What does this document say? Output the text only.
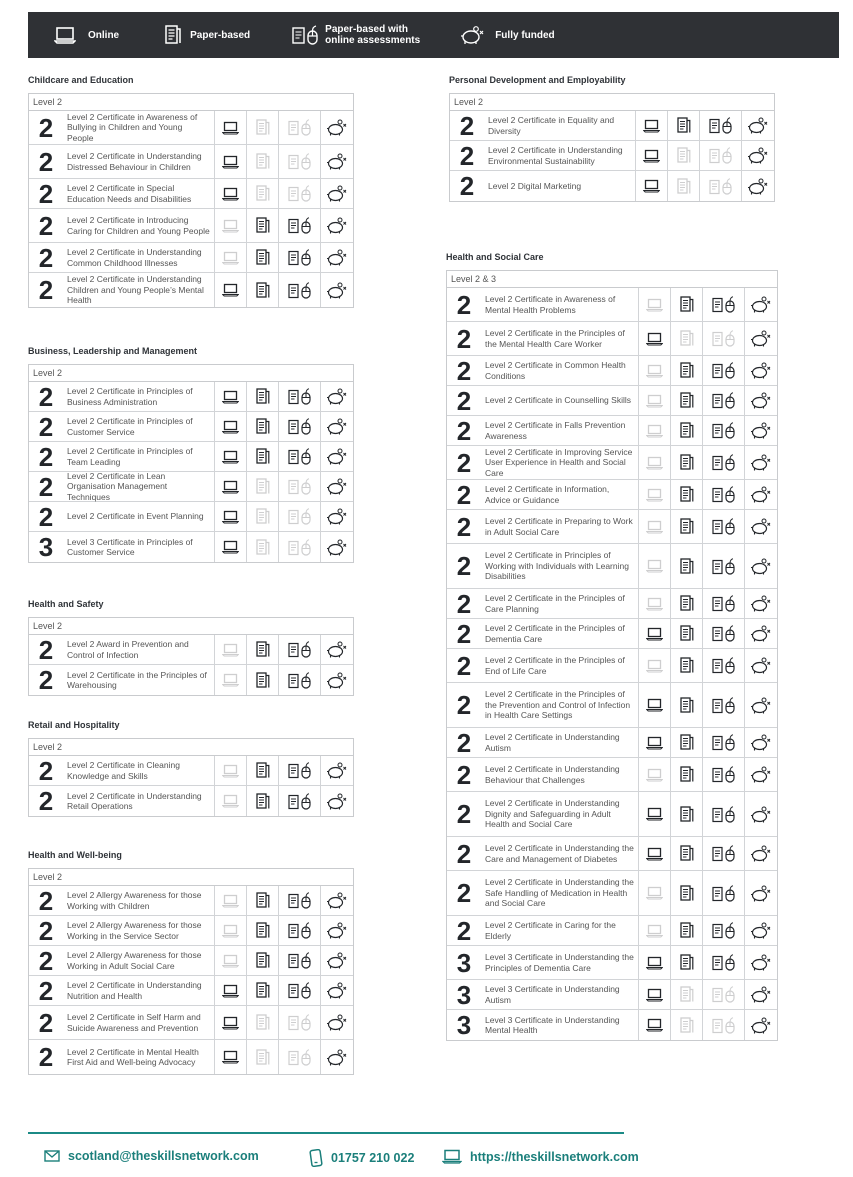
Online	Paper-based	Paper-based with
online assessments	Fully funded
Childcare and Education
Level 2
2	Level 2 Certificate in Awareness of Bullying in Children and Young People
2	Level 2 Certificate in Understanding Distressed Behaviour in Children
2	Level 2 Certificate in Special Education Needs and Disabilities
2	Level 2 Certificate in Introducing Caring for Children and Young People
2	Level 2 Certificate in Understanding Common Childhood Illnesses
2	Level 2 Certificate in Understanding Children and Young People’s Mental Health
Business, Leadership and Management
Level 2
2	Level 2 Certificate in Principles of Business Administration
2	Level 2 Certificate in Principles of Customer Service
2	Level 2 Certificate in Principles of Team Leading
2	Level 2 Certificate in Lean Organisation Management Techniques
2	Level 2 Certificate in Event Planning
3	Level 3 Certificate in Principles of Customer Service
Health and Safety
Level 2
2	Level 2 Award in Prevention and Control of Infection
2	Level 2 Certificate in the Principles of Warehousing
Retail and Hospitality
Level 2
2	Level 2 Certificate in Cleaning Knowledge and Skills
2	Level 2 Certificate in Understanding Retail Operations
Health and Well-being
Level 2
2	Level 2 Allergy Awareness for those Working with Children
2	Level 2 Allergy Awareness for those Working in the Service Sector
2	Level 2 Allergy Awareness for those Working in Adult Social Care
2	Level 2 Certificate in Understanding Nutrition and Health
2	Level 2 Certificate in Self Harm and Suicide Awareness and Prevention
2	Level 2 Certificate in Mental Health First Aid and Well-being Advocacy
Personal Development and Employability
Level 2
2	Level 2 Certificate in Equality and Diversity
2	Level 2 Certificate in Understanding Environmental Sustainability
2	Level 2 Digital Marketing
Health and Social Care
Level 2 & 3
2	Level 2 Certificate in Awareness of Mental Health Problems
2	Level 2 Certificate in the Principles of the Mental Health Care Worker
2	Level 2 Certificate in Common Health Conditions
2	Level 2 Certificate in Counselling Skills
2	Level 2 Certificate in Falls Prevention Awareness
2	Level 2 Certificate in Improving Service User Experience in Health and Social Care
2	Level 2 Certificate in Information, Advice or Guidance
2	Level 2 Certificate in Preparing to Work in Adult Social Care
2	Level 2 Certificate in Principles of Working with Individuals with Learning Disabilities
2	Level 2 Certificate in the Principles of Care Planning
2	Level 2 Certificate in the Principles of Dementia Care
2	Level 2 Certificate in the Principles of End of Life Care
2	Level 2 Certificate in the Principles of the Prevention and Control of Infection in Health Care Settings
2	Level 2 Certificate in Understanding Autism
2	Level 2 Certificate in Understanding Behaviour that Challenges
2	Level 2 Certificate in Understanding Dignity and Safeguarding in Adult Health and Social Care
2	Level 2 Certificate in Understanding the Care and Management of Diabetes
2	Level 2 Certificate in Understanding the Safe Handling of Medication in Health and Social Care
2	Level 2 Certificate in Caring for the Elderly
3	Level 3 Certificate in Understanding the Principles of Dementia Care
3	Level 3 Certificate in Understanding Autism
3	Level 3 Certificate in Understanding Mental Health
scotland@theskillsnetwork.com	01757 210 022	https://theskillsnetwork.com
